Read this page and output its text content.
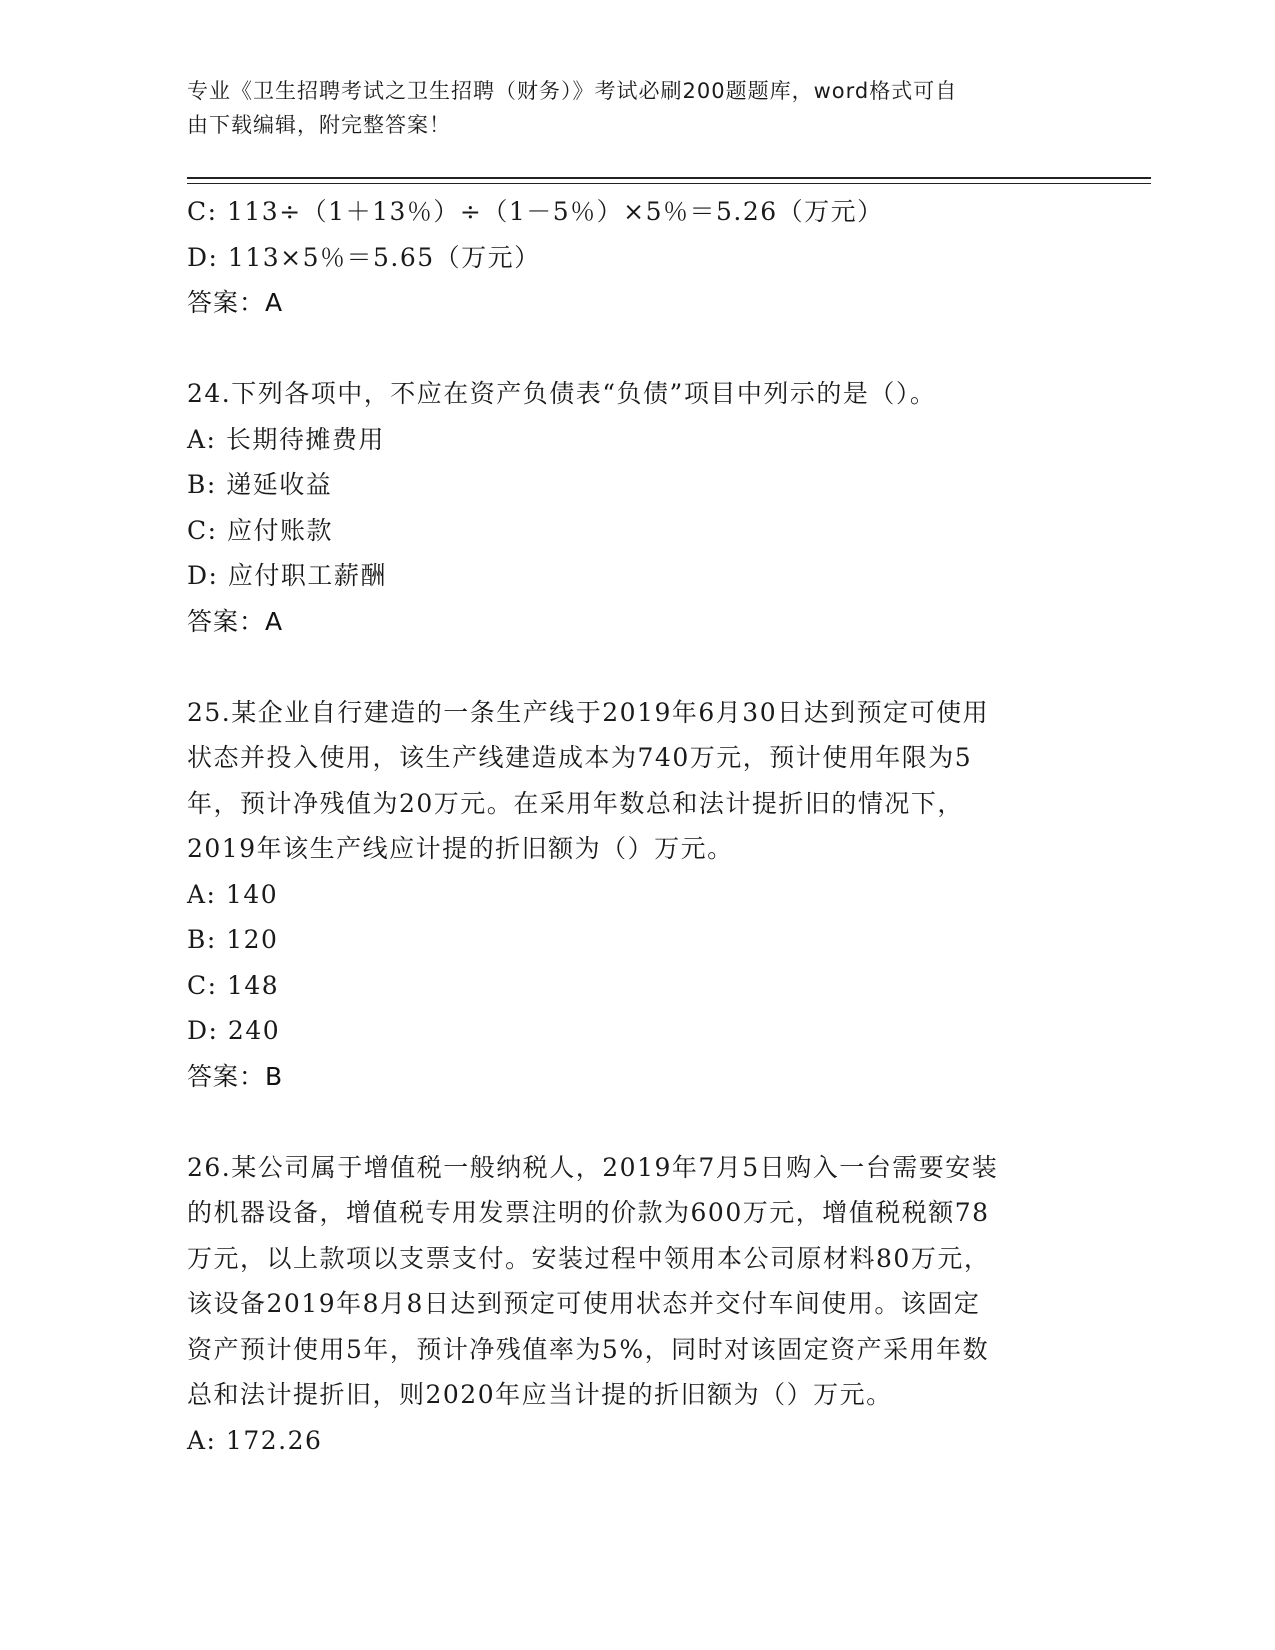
专业《卫生招聘考试之卫生招聘（财务）》考试必刷200题题库，word格式可自
由下载编辑，附完整答案！
C: 113÷（1＋13％）÷（1－5％）×5％＝5.26（万元）
D: 113×5％＝5.65（万元）
答案：A
24.下列各项中，不应在资产负债表“负债”项目中列示的是（）。
A: 长期待摊费用
B: 递延收益
C: 应付账款
D: 应付职工薪酬
答案：A
25.某企业自行建造的一条生产线于2019年6月30日达到预定可使用
状态并投入使用，该生产线建造成本为740万元，预计使用年限为5
年，预计净残值为20万元。在采用年数总和法计提折旧的情况下，
2019年该生产线应计提的折旧额为（）万元。
A: 140
B: 120
C: 148
D: 240
答案：B
26.某公司属于增值税一般纳税人，2019年7月5日购入一台需要安装
的机器设备，增值税专用发票注明的价款为600万元，增值税税额78
万元，以上款项以支票支付。安装过程中领用本公司原材料80万元，
该设备2019年8月8日达到预定可使用状态并交付车间使用。该固定
资产预计使用5年，预计净残值率为5%，同时对该固定资产采用年数
总和法计提折旧，则2020年应当计提的折旧额为（）万元。
A: 172.26
